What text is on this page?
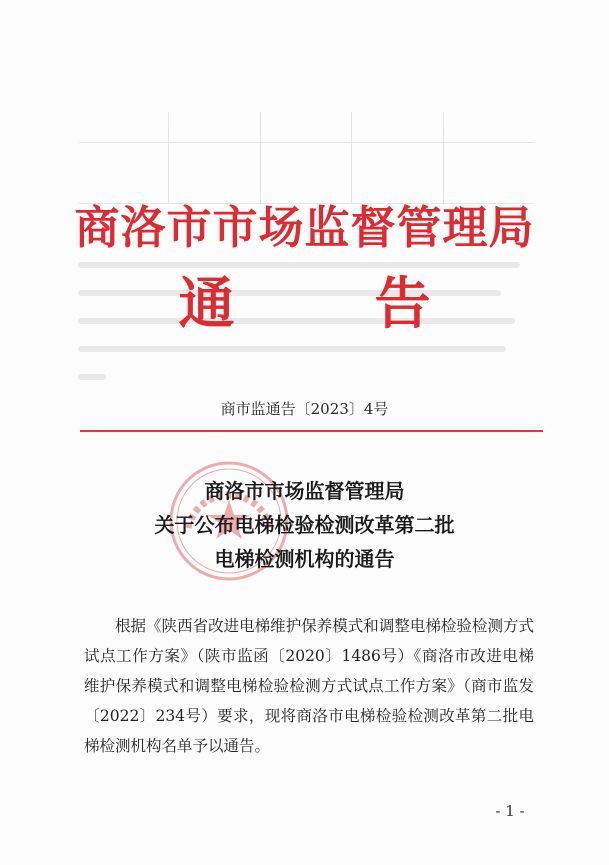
商洛市市场监督管理局
通告
商市监通告〔2023〕4号
商洛市市场监督管理局
关于公布电梯检验检测改革第二批
电梯检测机构的通告

根据《陕西省改进电梯维护保养模式和调整电梯检验检测方式试点工作方案》（陕市监函〔2020〕1486号）《商洛市改进电梯维护保养模式和调整电梯检验检测方式试点工作方案》（商市监发〔2022〕234号）要求，现将商洛市电梯检验检测改革第二批电梯检测机构名单予以通告。

- 1 -
